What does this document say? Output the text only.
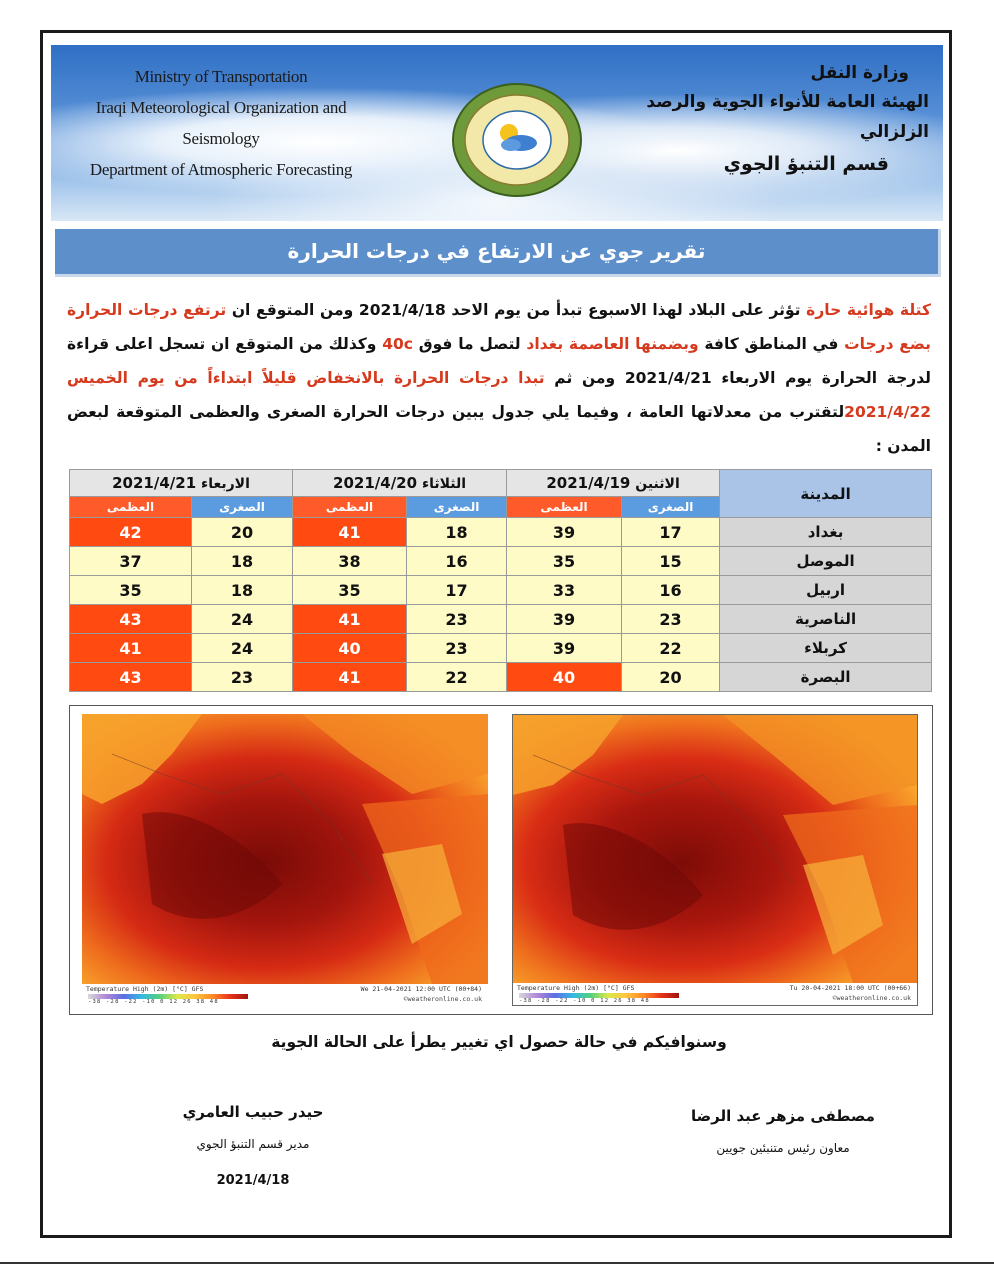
Ministry of Transportation
Iraqi Meteorological Organization and Seismology
Department of Atmospheric Forecasting
وزارة النقل
الهيئة العامة للأنواء الجوية والرصد الزلزالي
قسم التنبؤ الجوي
تقرير جوي عن الارتفاع في درجات الحرارة
كتلة هوائية حارة تؤثر على البلاد لهذا الاسبوع تبدأ من يوم الاحد 2021/4/18 ومن المتوقع ان ترتفع درجات الحرارة بضع درجات في المناطق كافة وبضمنها العاصمة بغداد لتصل ما فوق 40c وكذلك من المتوقع ان تسجل اعلى قراءة لدرجة الحرارة يوم الاربعاء 2021/4/21 ومن ثم تبدا درجات الحرارة بالانخفاض قليلاً ابتداءاً من يوم الخميس 2021/4/22لتقترب من معدلاتها العامة ، وفيما يلي جدول يبين درجات الحرارة الصغرى والعظمى المتوقعة لبعض المدن :
المدينة	الاثنين 2021/4/19		الثلاثاء 2021/4/20		الاربعاء 2021/4/21	
	الصغرى	العظمى	الصغرى	العظمى	الصغرى	العظمى
بغداد	17	39	18	41	20	42
الموصل	15	35	16	38	18	37
اربيل	16	33	17	35	18	35
الناصرية	23	39	23	41	24	43
كربلاء	22	39	23	40	24	41
البصرة	20	40	22	41	23	43
Temperature High (2m) [°C] GFS	We 21-04-2021 12:00 UTC (00+84)
©weatheronline.co.uk
-38 -28 -22 -10 0 12 26 38 48
Temperature High (2m) [°C] GFS	Tu 20-04-2021 18:00 UTC (00+66)
©weatheronline.co.uk
-38 -28 -22 -10 0 12 26 38 48
وسنوافيكم في حالة حصول اي تغيير يطرأ على الحالة الجوية
حيدر حبيب العامري
مدير قسم التنبؤ الجوي
2021/4/18
مصطفى مزهر عبد الرضا
معاون رئيس متنبئين جويين
